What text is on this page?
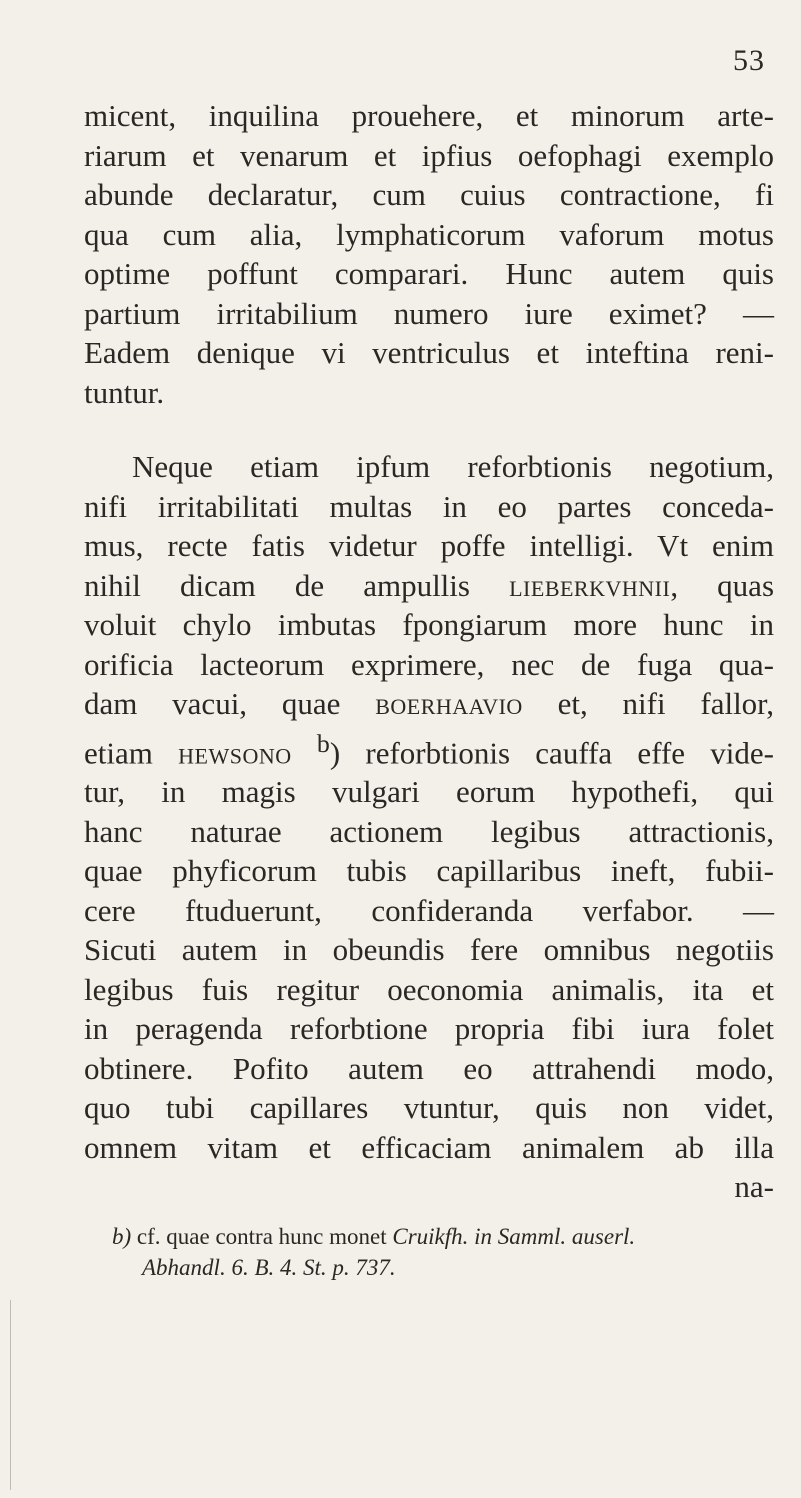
53
micent, inquilina prouehere, et minorum arte-
riarum et venarum et ipfius oefophagi exemplo
abunde declaratur, cum cuius contractione, fi
qua cum alia, lymphaticorum vaforum motus
optime poffunt comparari. Hunc autem quis
partium irritabilium numero iure eximet? —
Eadem denique vi ventriculus et inteftina reni-
tuntur.
Neque etiam ipfum reforbtionis negotium,
nifi irritabilitati multas in eo partes conceda-
mus, recte fatis videtur poffe intelligi. Vt enim
nihil dicam de ampullis lieberkvhnii, quas
voluit chylo imbutas fpongiarum more hunc in
orificia lacteorum exprimere, nec de fuga qua-
dam vacui, quae boerhaavio et, nifi fallor,
etiam hewsono $^b$) reforbtionis cauffa effe vide-
tur, in magis vulgari eorum hypothefi, qui
hanc naturae actionem legibus attractionis,
quae phyficorum tubis capillaribus ineft, fubii-
cere ftuduerunt, confideranda verfabor. —
Sicuti autem in obeundis fere omnibus negotiis
legibus fuis regitur oeconomia animalis, ita et
in peragenda reforbtione propria fibi iura folet
obtinere. Pofito autem eo attrahendi modo,
quo tubi capillares vtuntur, quis non videt,
omnem vitam et efficaciam animalem ab illa
na-
b) cf. quae contra hunc monet Cruikfh. in Samml. auserl.
Abhandl. 6. B. 4. St. p. 737.
